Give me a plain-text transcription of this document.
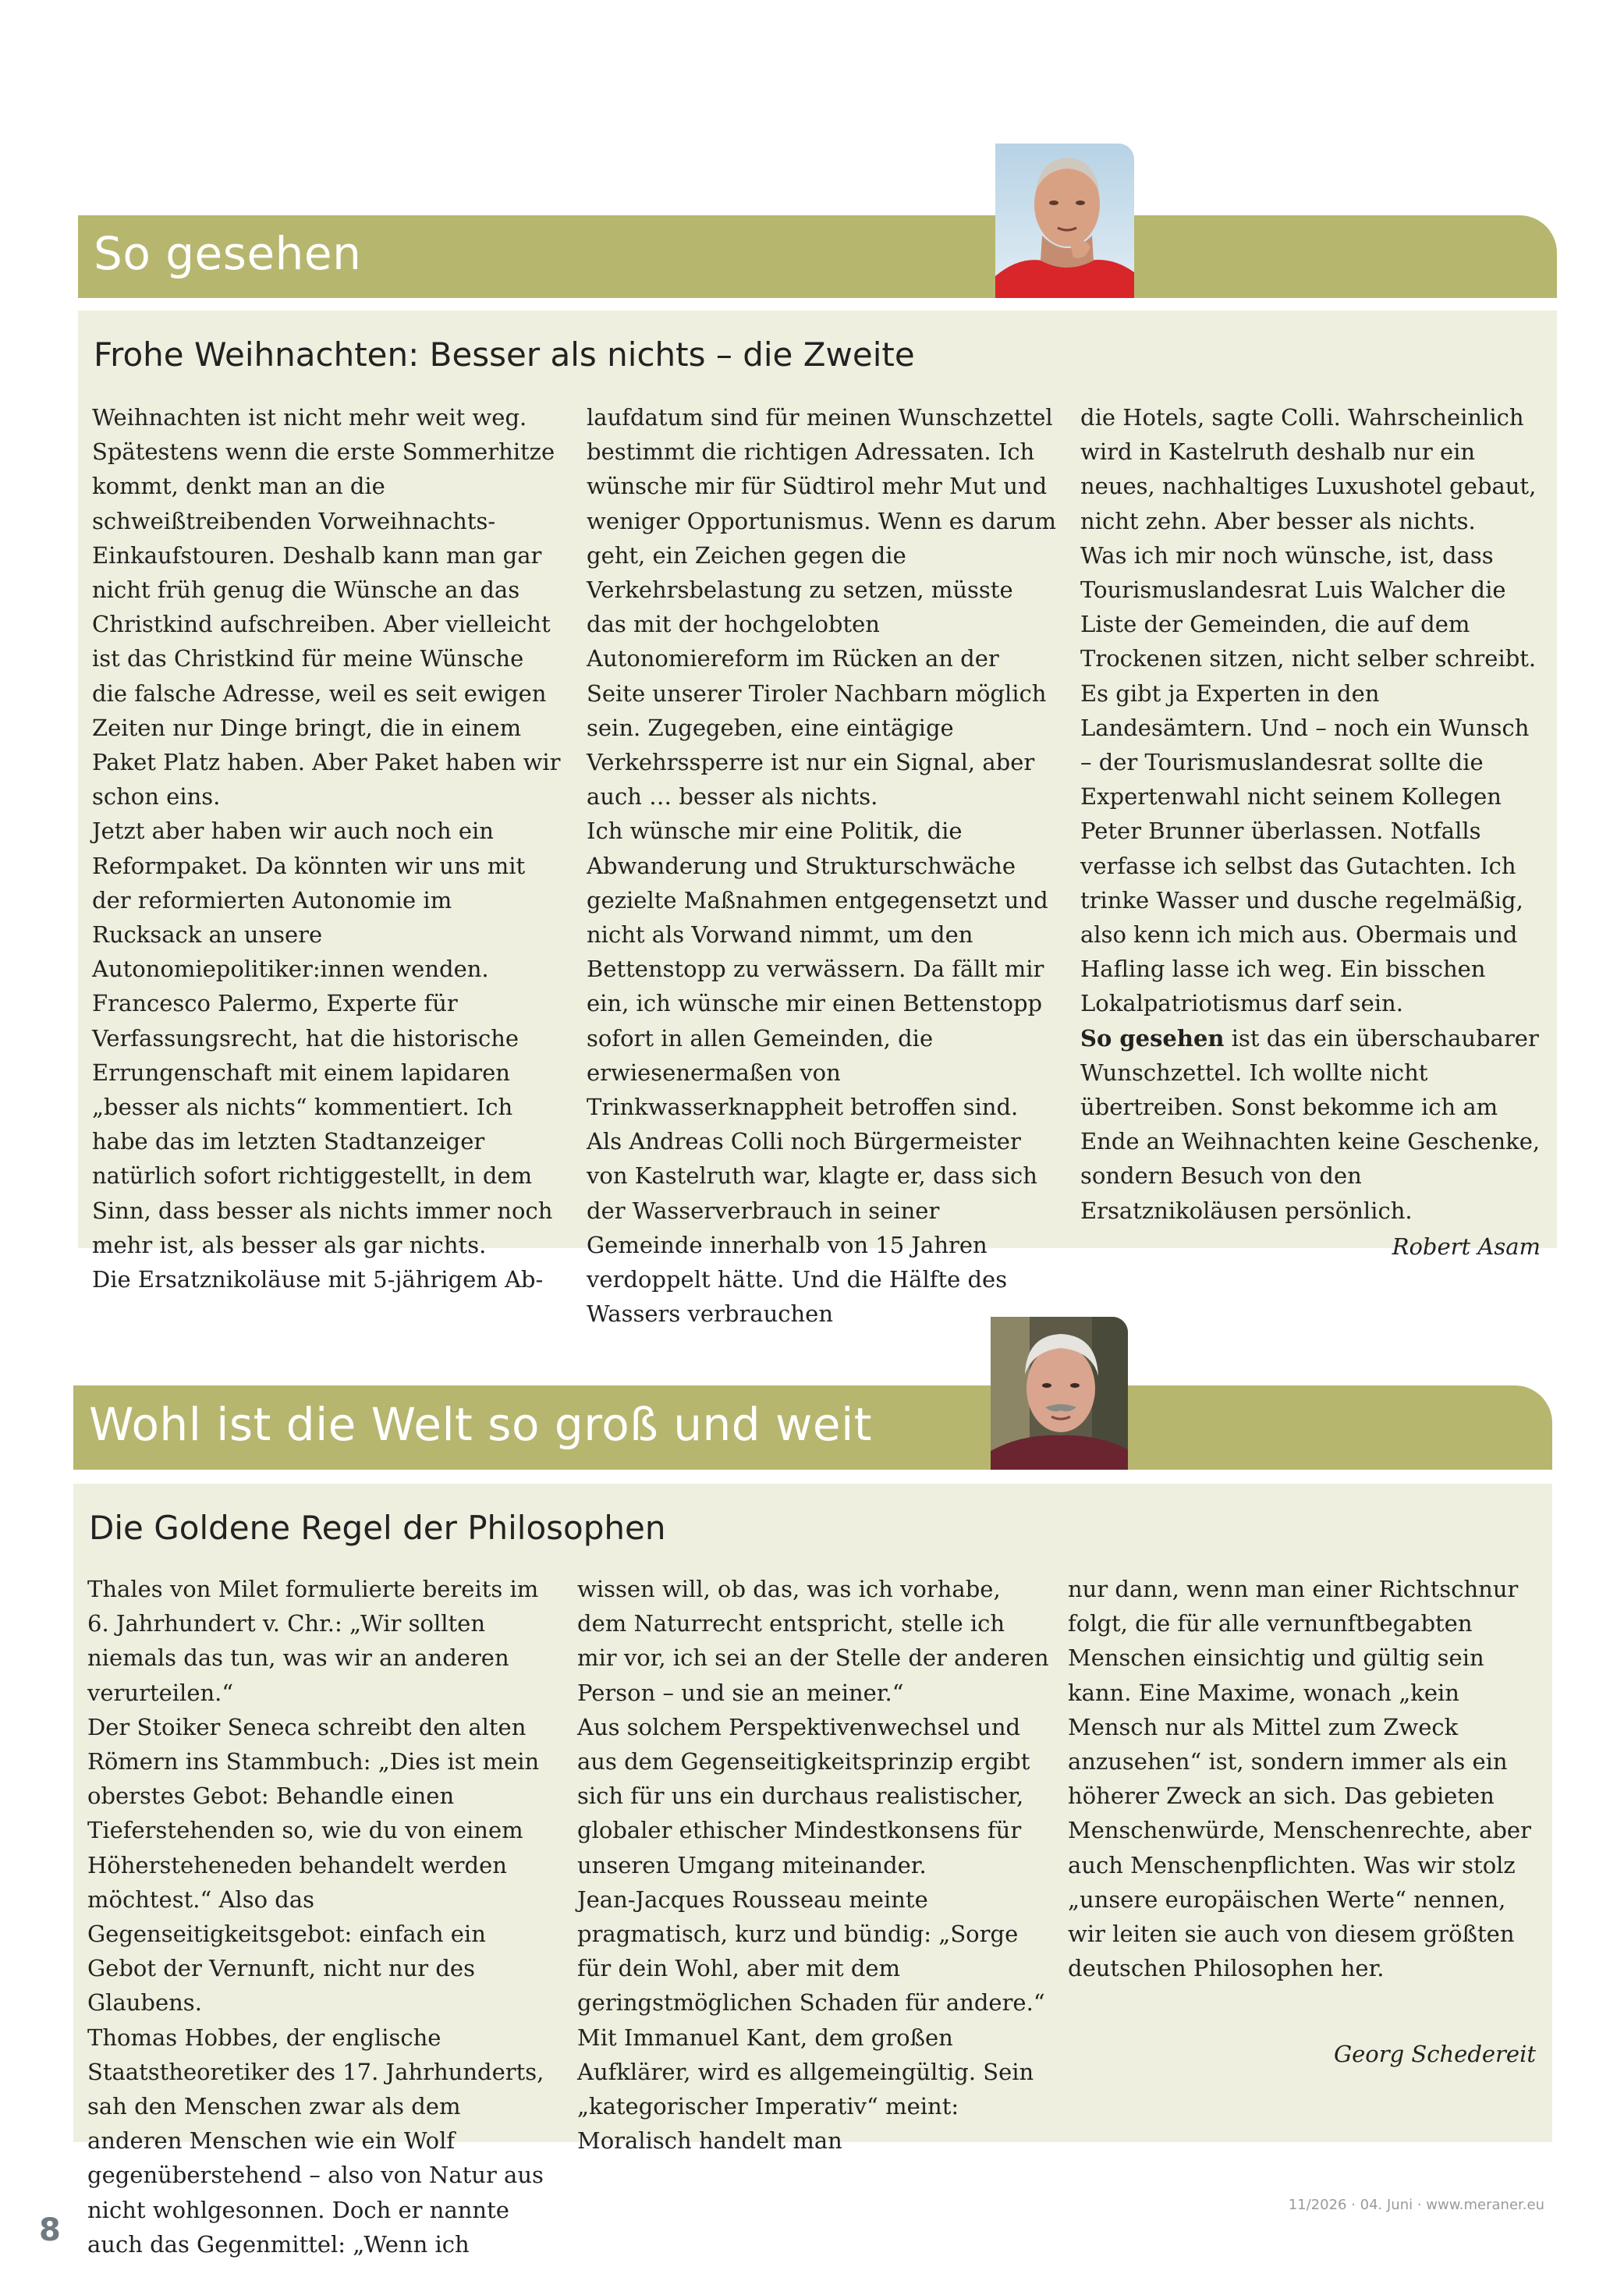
So gesehen
Frohe Weihnachten: Besser als nichts – die Zweite

Weihnachten ist nicht mehr weit weg. Spätestens wenn die erste Sommerhitze kommt, denkt man an die schweißtreibenden Vorweihnachts-Einkaufstouren. Deshalb kann man gar nicht früh genug die Wünsche an das Christkind aufschreiben. Aber vielleicht ist das Christkind für meine Wünsche die falsche Adresse, weil es seit ewigen Zeiten nur Dinge bringt, die in einem Paket Platz haben. Aber Paket haben wir schon eins.

Jetzt aber haben wir auch noch ein Reformpaket. Da könnten wir uns mit der reformierten Autonomie im Rucksack an unsere Autonomiepolitiker:innen wenden. Francesco Palermo, Experte für Verfassungsrecht, hat die historische Errungenschaft mit einem lapidaren „besser als nichts“ kommentiert. Ich habe das im letzten Stadtanzeiger natürlich sofort richtiggestellt, in dem Sinn, dass besser als nichts immer noch mehr ist, als besser als gar nichts.

Die Ersatznikoläuse mit 5-jährigem Ab-

laufdatum sind für meinen Wunschzettel bestimmt die richtigen Adressaten. Ich wünsche mir für Südtirol mehr Mut und weniger Opportunismus. Wenn es darum geht, ein Zeichen gegen die Verkehrsbelastung zu setzen, müsste das mit der hochgelobten Autonomiereform im Rücken an der Seite unserer Tiroler Nachbarn möglich sein. Zugegeben, eine eintägige Verkehrssperre ist nur ein Signal, aber auch … besser als nichts.

Ich wünsche mir eine Politik, die Abwanderung und Strukturschwäche gezielte Maßnahmen entgegensetzt und nicht als Vorwand nimmt, um den Bettenstopp zu verwässern. Da fällt mir ein, ich wünsche mir einen Bettenstopp sofort in allen Gemeinden, die erwiesenermaßen von Trinkwasserknappheit betroffen sind. Als Andreas Colli noch Bürgermeister von Kastelruth war, klagte er, dass sich der Wasserverbrauch in seiner Gemeinde innerhalb von 15 Jahren verdoppelt hätte. Und die Hälfte des Wassers verbrauchen

die Hotels, sagte Colli. Wahrscheinlich wird in Kastelruth deshalb nur ein neues, nachhaltiges Luxushotel gebaut, nicht zehn. Aber besser als nichts.

Was ich mir noch wünsche, ist, dass Tourismuslandesrat Luis Walcher die Liste der Gemeinden, die auf dem Trockenen sitzen, nicht selber schreibt. Es gibt ja Experten in den Landesämtern. Und – noch ein Wunsch – der Tourismuslandesrat sollte die Expertenwahl nicht seinem Kollegen Peter Brunner überlassen. Notfalls verfasse ich selbst das Gutachten. Ich trinke Wasser und dusche regelmäßig, also kenn ich mich aus. Obermais und Hafling lasse ich weg. Ein bisschen Lokalpatriotismus darf sein.

So gesehen ist das ein überschaubarer Wunschzettel. Ich wollte nicht übertreiben. Sonst bekomme ich am Ende an Weihnachten keine Geschenke, sondern Besuch von den Ersatznikoläusen persönlich.

Robert Asam

Wohl ist die Welt so groß und weit
Die Goldene Regel der Philosophen

Thales von Milet formulierte bereits im 6. Jahrhundert v. Chr.: „Wir sollten niemals das tun, was wir an anderen verurteilen.“

Der Stoiker Seneca schreibt den alten Römern ins Stammbuch: „Dies ist mein oberstes Gebot: Behandle einen Tieferstehenden so, wie du von einem Höhersteheneden behandelt werden möchtest.“ Also das Gegenseitigkeitsgebot: einfach ein Gebot der Vernunft, nicht nur des Glaubens.

Thomas Hobbes, der englische Staatstheoretiker des 17. Jahrhunderts, sah den Menschen zwar als dem anderen Menschen wie ein Wolf gegenüberstehend – also von Natur aus nicht wohlgesonnen. Doch er nannte auch das Gegenmittel: „Wenn ich

wissen will, ob das, was ich vorhabe, dem Naturrecht entspricht, stelle ich mir vor, ich sei an der Stelle der anderen Person – und sie an meiner.“

Aus solchem Perspektivenwechsel und aus dem Gegenseitigkeitsprinzip ergibt sich für uns ein durchaus realistischer, globaler ethischer Mindestkonsens für unseren Umgang miteinander.

Jean-Jacques Rousseau meinte pragmatisch, kurz und bündig: „Sorge für dein Wohl, aber mit dem geringstmöglichen Schaden für andere.“

Mit Immanuel Kant, dem großen Aufklärer, wird es allgemeingültig. Sein „kategorischer Imperativ“ meint: Moralisch handelt man

nur dann, wenn man einer Richtschnur folgt, die für alle vernunftbegabten Menschen einsichtig und gültig sein kann. Eine Maxime, wonach „kein Mensch nur als Mittel zum Zweck anzusehen“ ist, sondern immer als ein höherer Zweck an sich. Das gebieten Menschenwürde, Menschenrechte, aber auch Menschenpflichten. Was wir stolz „unsere europäischen Werte“ nennen, wir leiten sie auch von diesem größten deutschen Philosophen her.

Georg Schedereit

8
11/2026 · 04. Juni · www.meraner.eu
